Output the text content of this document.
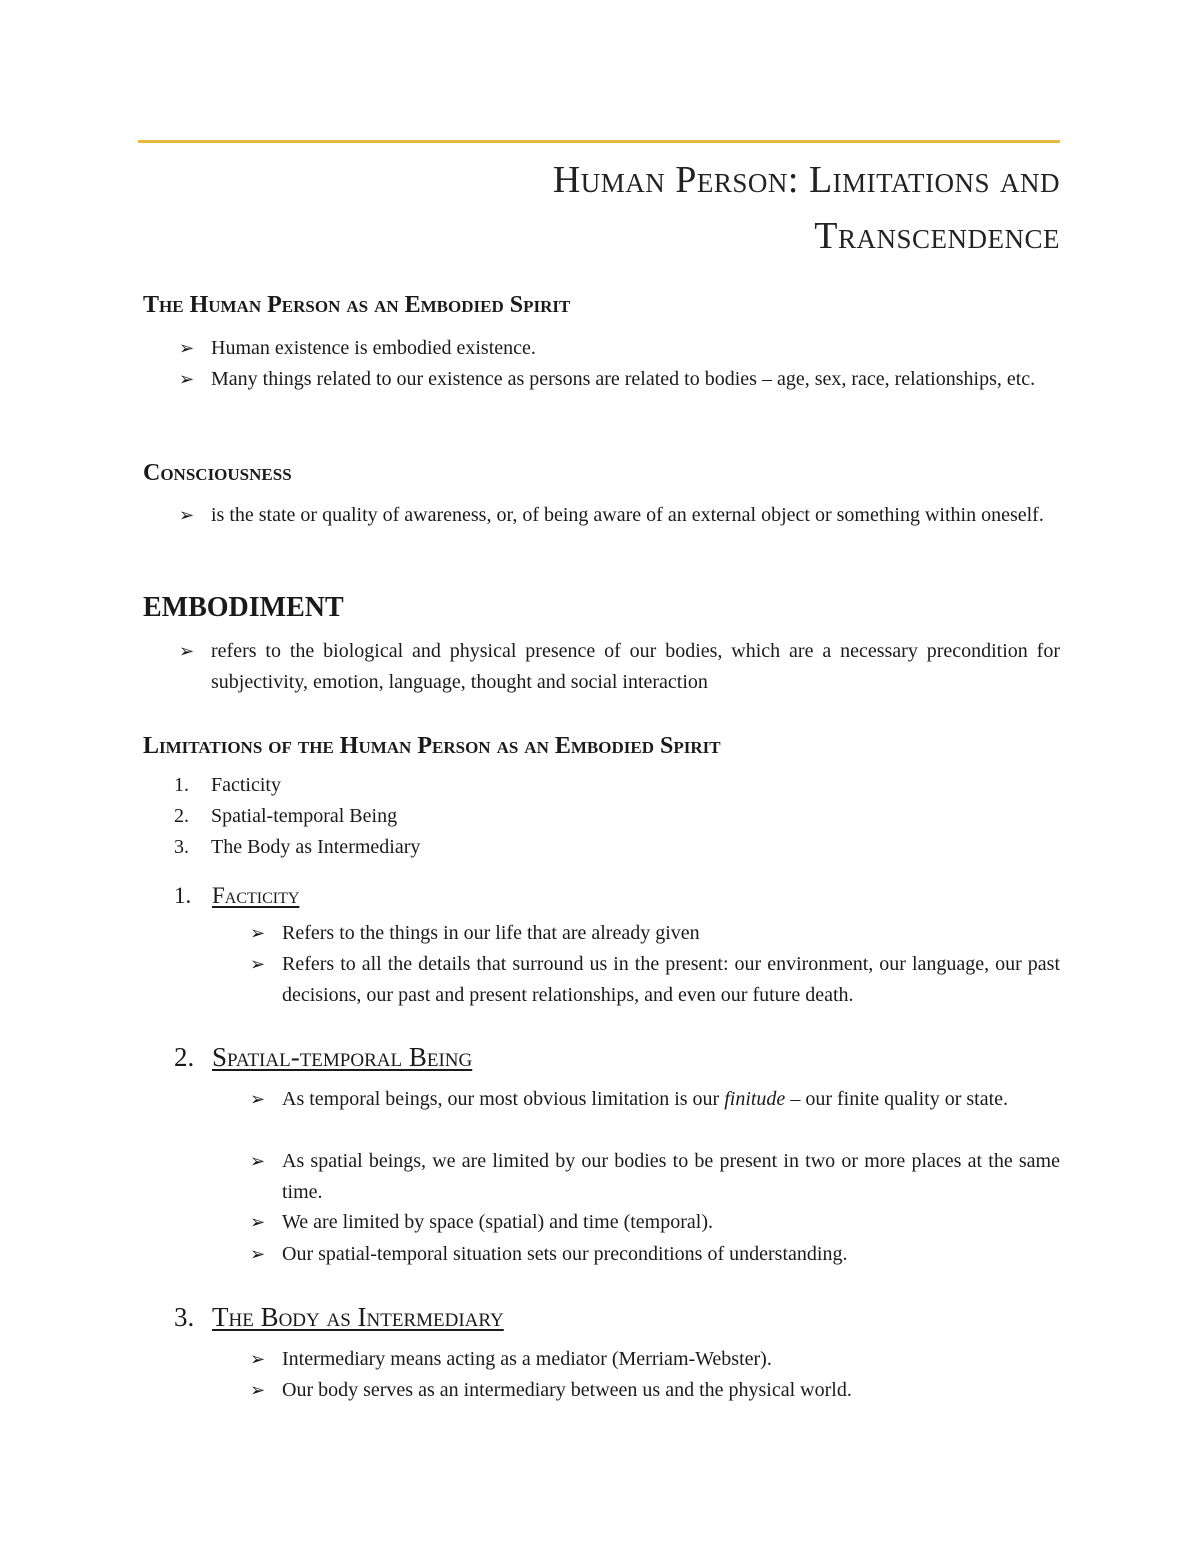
Human Person: Limitations and
Transcendence
The Human Person as an Embodied Spirit

➢ Human existence is embodied existence.

➢ Many things related to our existence as persons are related to bodies – age, sex, race, relationships, etc.

Consciousness

➢ is the state or quality of awareness, or, of being aware of an external object or something within oneself.

EMBODIMENT

➢ refers to the biological and physical presence of our bodies, which are a necessary precondition for subjectivity, emotion, language, thought and social interaction

Limitations of the Human Person as an Embodied Spirit

1. Facticity

2. Spatial-temporal Being

3. The Body as Intermediary

1. Facticity

➢ Refers to the things in our life that are already given

➢ Refers to all the details that surround us in the present: our environment, our language, our past decisions, our past and present relationships, and even our future death.

2. Spatial-temporal Being

➢ As temporal beings, our most obvious limitation is our finitude – our finite quality or state.

➢ As spatial beings, we are limited by our bodies to be present in two or more places at the same time.

➢ We are limited by space (spatial) and time (temporal).

➢ Our spatial-temporal situation sets our preconditions of understanding.

3. The Body as Intermediary

➢ Intermediary means acting as a mediator (Merriam-Webster).

➢ Our body serves as an intermediary between us and the physical world.
